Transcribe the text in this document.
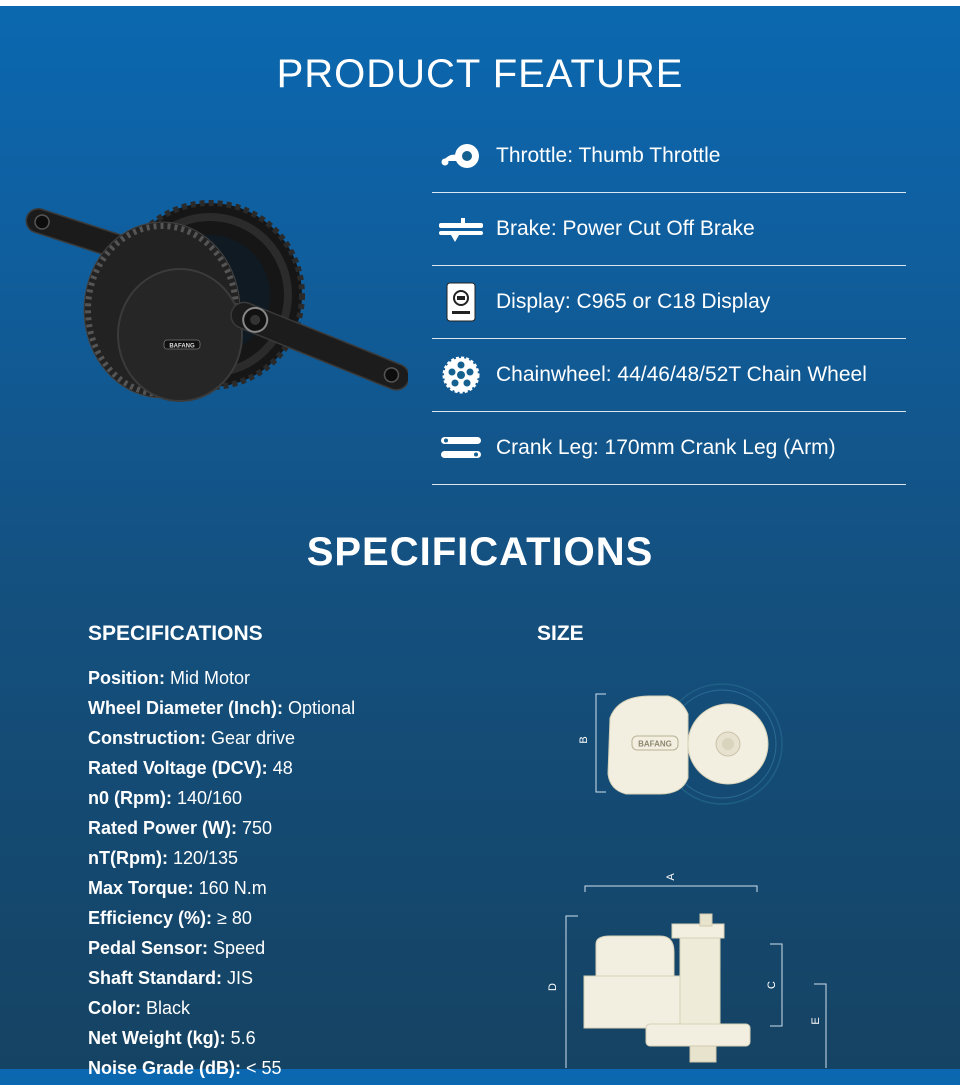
PRODUCT FEATURE
BAFANG
Throttle: Thumb Throttle
Brake: Power Cut Off Brake
Display: C965 or C18 Display
Chainwheel: 44/46/48/52T Chain Wheel
Crank Leg: 170mm Crank Leg (Arm)
SPECIFICATIONS
SPECIFICATIONS	SIZE
Position: Mid Motor
Wheel Diameter (Inch): Optional
Construction: Gear drive
Rated Voltage (DCV): 48
n0 (Rpm): 140/160
Rated Power (W): 750
nT(Rpm): 120/135
Max Torque: 160 N.m
Efficiency (%): ≥ 80
Pedal Sensor: Speed
Shaft Standard: JIS
Color: Black
Net Weight (kg): 5.6
Noise Grade (dB): < 55
B	BAFANG
A
D	C
E
